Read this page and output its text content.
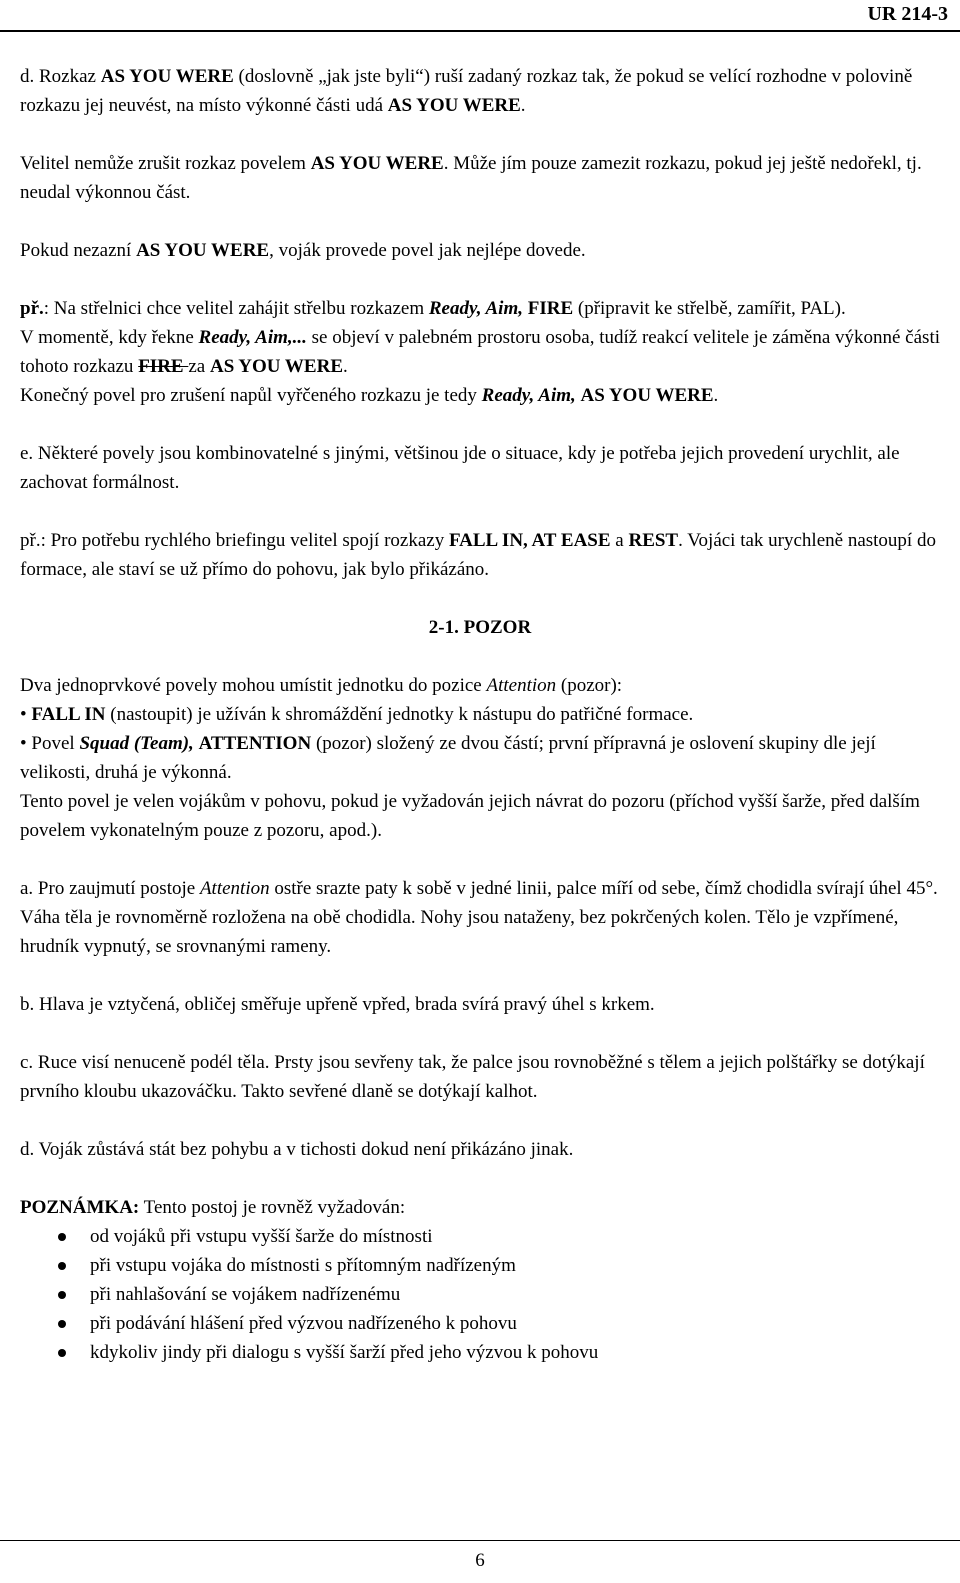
UR 214-3

d. Rozkaz AS YOU WERE (doslovně „jak jste byli“) ruší zadaný rozkaz tak, že pokud se velící rozhodne v polovině rozkazu jej neuvést, na místo výkonné části udá AS YOU WERE.

Velitel nemůže zrušit rozkaz povelem AS YOU WERE. Může jím pouze zamezit rozkazu, pokud jej ještě nedořekl, tj. neudal výkonnou část.

Pokud nezazní AS YOU WERE, voják provede povel jak nejlépe dovede.

př.: Na střelnici chce velitel zahájit střelbu rozkazem Ready, Aim, FIRE (připravit ke střelbě, zamířit, PAL).

V momentě, kdy řekne Ready, Aim,... se objeví v palebném prostoru osoba, tudíž reakcí velitele je záměna výkonné části tohoto rozkazu FIRE za AS YOU WERE.

Konečný povel pro zrušení napůl vyřčeného rozkazu je tedy Ready, Aim, AS YOU WERE.

e. Některé povely jsou kombinovatelné s jinými, většinou jde o situace, kdy je potřeba jejich provedení urychlit, ale zachovat formálnost.

př.: Pro potřebu rychlého briefingu velitel spojí rozkazy FALL IN, AT EASE a REST. Vojáci tak urychleně nastoupí do formace, ale staví se už přímo do pohovu, jak bylo přikázáno.

2-1. POZOR

Dva jednoprvkové povely mohou umístit jednotku do pozice Attention (pozor):

• FALL IN (nastoupit) je užíván k shromáždění jednotky k nástupu do patřičné formace.

• Povel Squad (Team), ATTENTION (pozor) složený ze dvou částí; první přípravná je oslovení skupiny dle její velikosti, druhá je výkonná.

Tento povel je velen vojákům v pohovu, pokud je vyžadován jejich návrat do pozoru (příchod vyšší šarže, před dalším povelem vykonatelným pouze z pozoru, apod.).

a. Pro zaujmutí postoje Attention ostře srazte paty k sobě v jedné linii, palce míří od sebe, čímž chodidla svírají úhel 45°. Váha těla je rovnoměrně rozložena na obě chodidla. Nohy jsou nataženy, bez pokrčených kolen. Tělo je vzpřímené, hrudník vypnutý, se srovnanými rameny.

b. Hlava je vztyčená, obličej směřuje upřeně vpřed, brada svírá pravý úhel s krkem.

c. Ruce visí nenuceně podél těla. Prsty jsou sevřeny tak, že palce jsou rovnoběžné s tělem a jejich polštářky se dotýkají prvního kloubu ukazováčku. Takto sevřené dlaně se dotýkají kalhot.

d. Voják zůstává stát bez pohybu a v tichosti dokud není přikázáno jinak.

POZNÁMKA: Tento postoj je rovněž vyžadován:

od vojáků při vstupu vyšší šarže do místnosti
při vstupu vojáka do místnosti s přítomným nadřízeným
při nahlašování se vojákem nadřízenému
při podávání hlášení před výzvou nadřízeného k pohovu
kdykoliv jindy při dialogu s vyšší šarží před jeho výzvou k pohovu
6
